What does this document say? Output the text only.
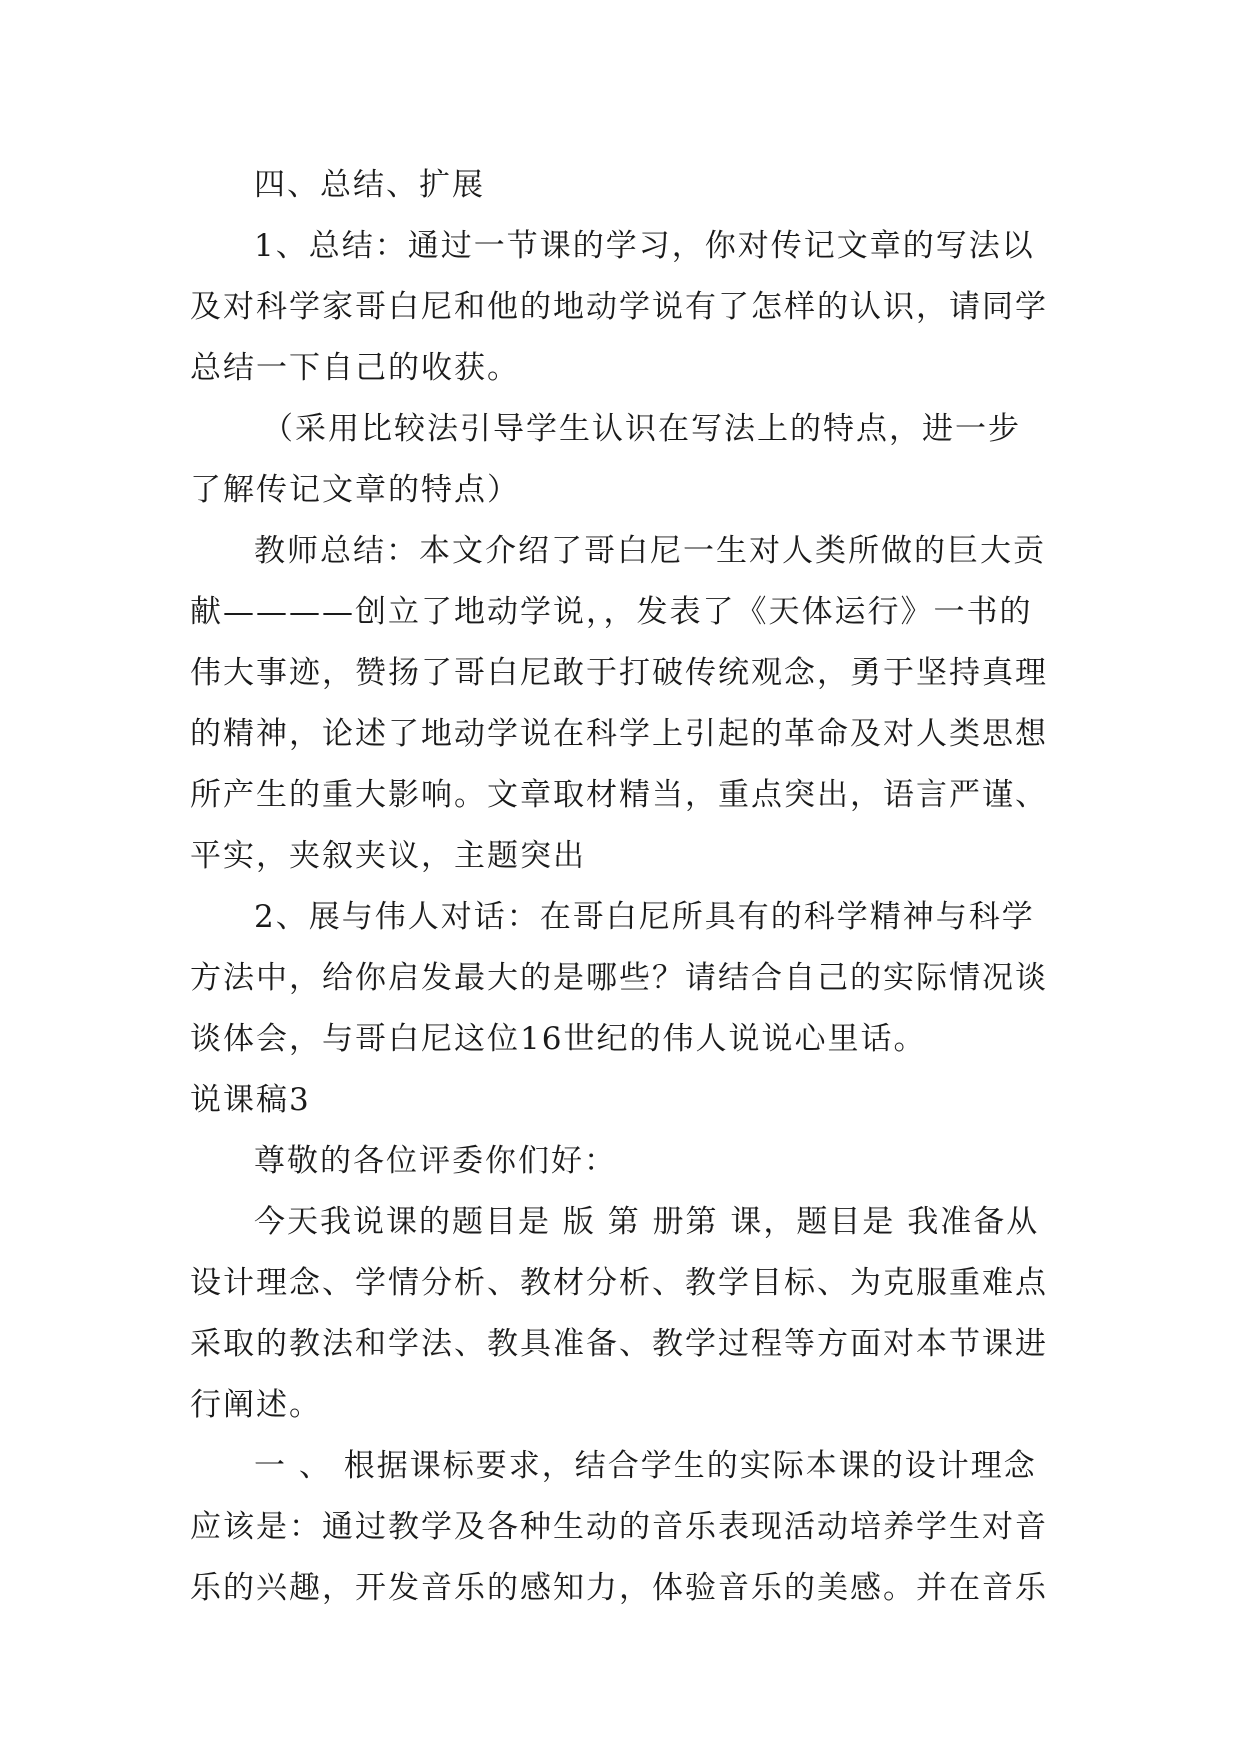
四、总结、扩展

1、总结：通过一节课的学习，你对传记文章的写法以及对科学家哥白尼和他的地动学说有了怎样的认识，请同学总结一下自己的收获。

（采用比较法引导学生认识在写法上的特点，进一步了解传记文章的特点）

教师总结：本文介绍了哥白尼一生对人类所做的巨大贡献————创立了地动学说，，发表了《天体运行》一书的伟大事迹，赞扬了哥白尼敢于打破传统观念，勇于坚持真理的精神，论述了地动学说在科学上引起的革命及对人类思想所产生的重大影响。文章取材精当，重点突出，语言严谨、平实，夹叙夹议，主题突出

2、展与伟人对话：在哥白尼所具有的科学精神与科学方法中，给你启发最大的是哪些？请结合自己的实际情况谈谈体会，与哥白尼这位16世纪的伟人说说心里话。

说课稿3

尊敬的各位评委你们好：

今天我说课的题目是 版 第 册第 课，题目是 我准备从设计理念、学情分析、教材分析、教学目标、为克服重难点采取的教法和学法、教具准备、教学过程等方面对本节课进行阐述。

一 、 根据课标要求，结合学生的实际本课的设计理念应该是：通过教学及各种生动的音乐表现活动培养学生对音乐的兴趣，开发音乐的感知力，体验音乐的美感。并在音乐
